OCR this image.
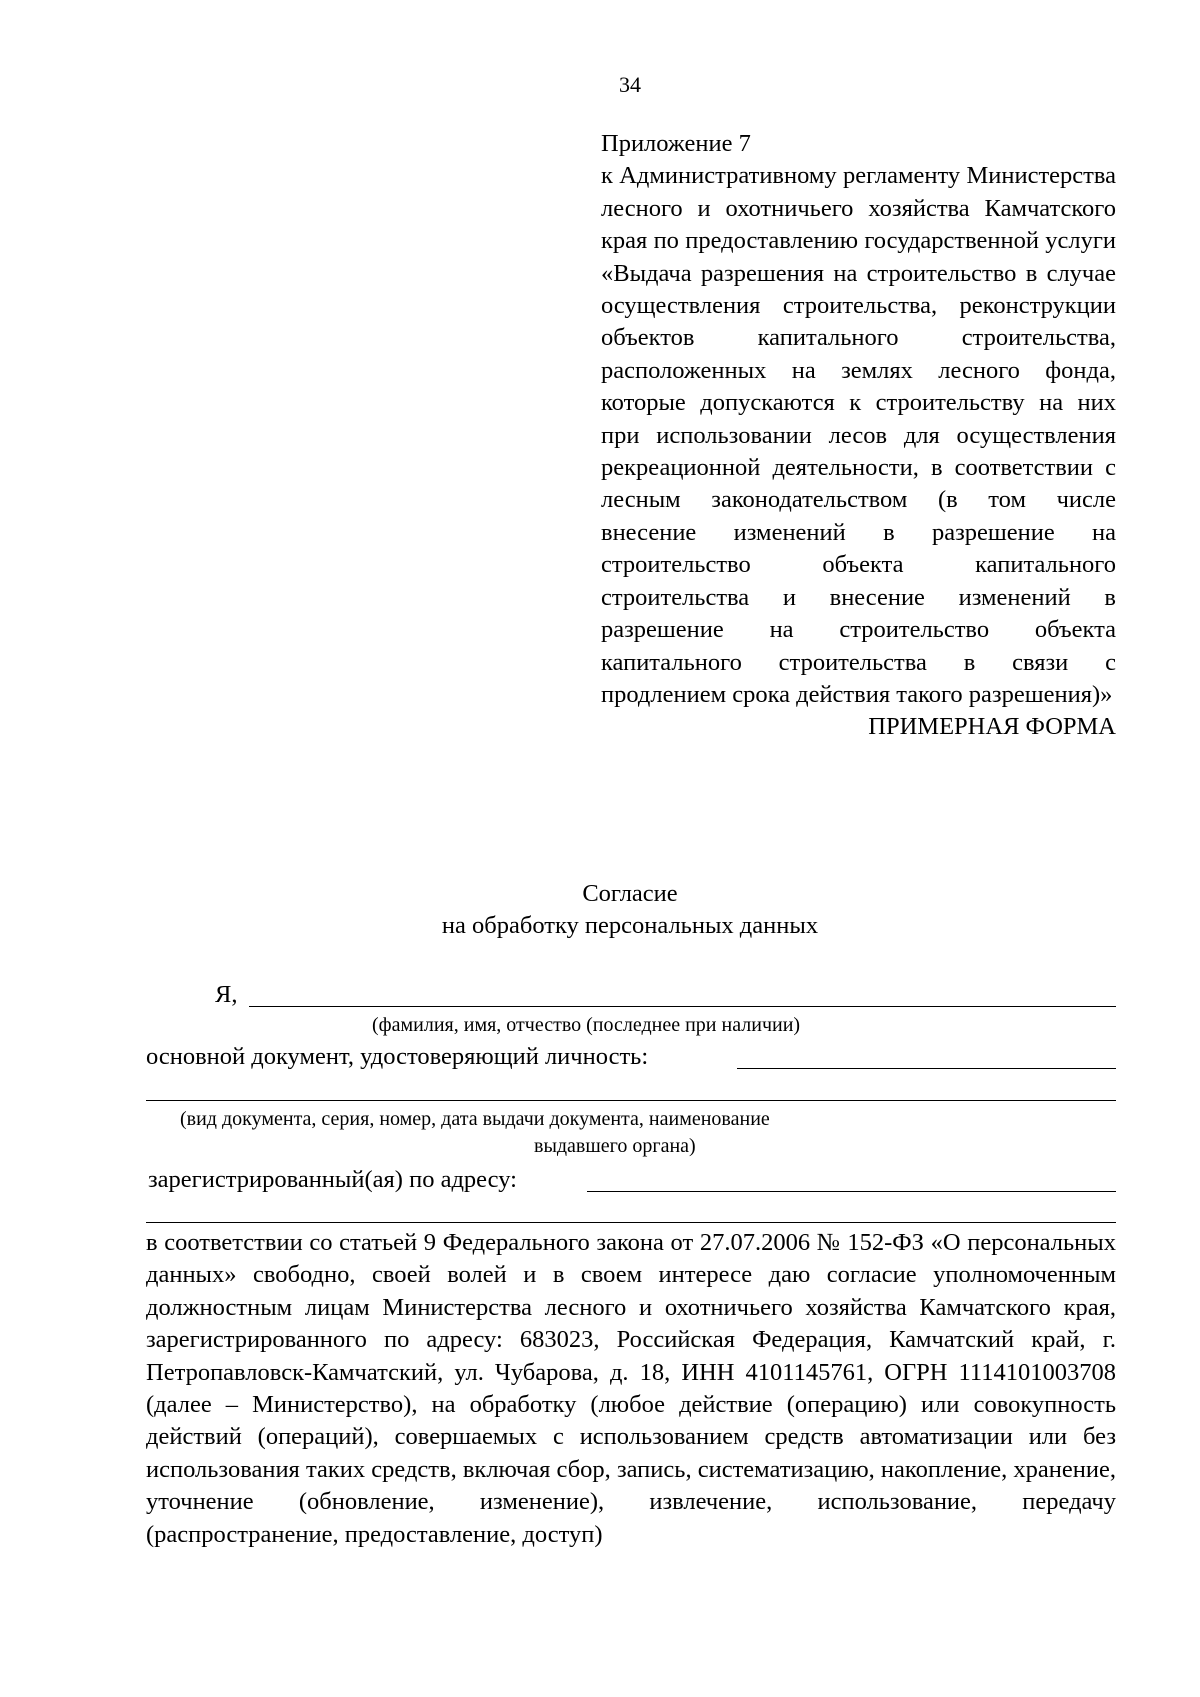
34
Приложение 7
к Административному регламенту Министерства лесного и охотничьего хозяйства Камчатского края по предоставлению государственной услуги «Выдача разрешения на строительство в случае осуществления строительства, реконструкции объектов капитального строительства, расположенных на землях лесного фонда, которые допускаются к строительству на них при использовании лесов для осуществления рекреационной деятельности, в соответствии с лесным законодательством (в том числе внесение изменений в разрешение на строительство объекта капитального строительства и внесение изменений в разрешение на строительство объекта капитального строительства в связи с продлением срока действия такого разрешения)»
ПРИМЕРНАЯ ФОРМА
Согласие
на обработку персональных данных
Я,
(фамилия, имя, отчество (последнее при наличии)
основной документ, удостоверяющий личность:
(вид документа, серия, номер, дата выдачи документа, наименование
выдавшего органа)
зарегистрированный(ая) по адресу:
в соответствии со статьей 9 Федерального закона от 27.07.2006 № 152-ФЗ «О персональных данных» свободно, своей волей и в своем интересе даю согласие уполномоченным должностным лицам Министерства лесного и охотничьего хозяйства Камчатского края, зарегистрированного по адресу: 683023, Российская Федерация, Камчатский край, г. Петропавловск-Камчатский, ул. Чубарова, д. 18, ИНН 4101145761, ОГРН 1114101003708 (далее – Министерство), на обработку (любое действие (операцию) или совокупность действий (операций), совершаемых с использованием средств автоматизации или без использования таких средств, включая сбор, запись, систематизацию, накопление, хранение, уточнение (обновление, изменение), извлечение, использование, передачу (распространение, предоставление, доступ)
